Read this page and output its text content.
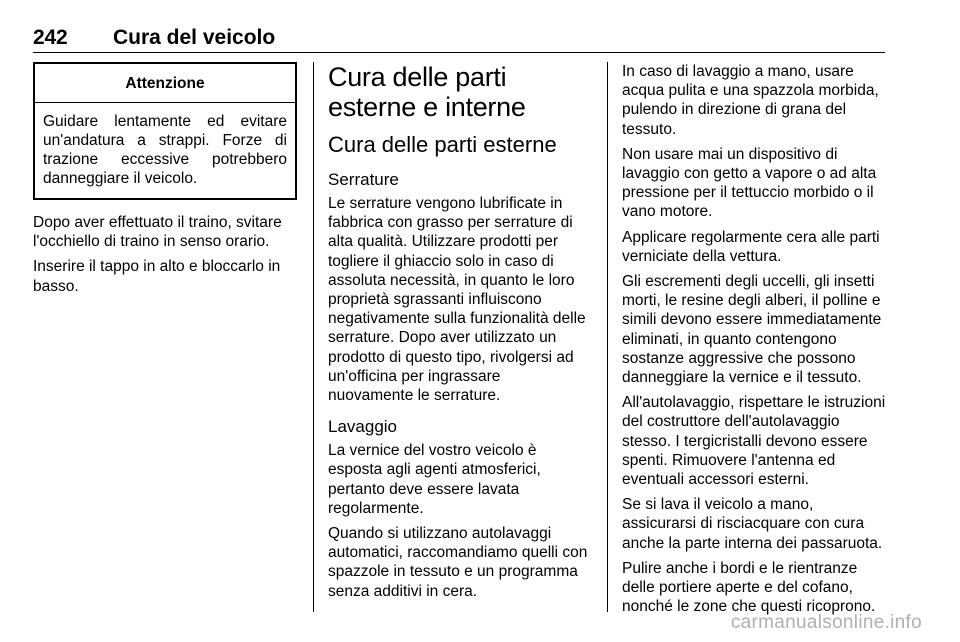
242 Cura del veicolo
Attenzione
Guidare lentamente ed evitare un'andatura a strappi. Forze di trazione eccessive potrebbero danneggiare il veicolo.

Dopo aver effettuato il traino, svitare l'occhiello di traino in senso orario.

Inserire il tappo in alto e bloccarlo in basso.

Cura delle parti esterne e interne
Cura delle parti esterne
Serrature

Le serrature vengono lubrificate in fabbrica con grasso per serrature di alta qualità. Utilizzare prodotti per togliere il ghiaccio solo in caso di assoluta necessità, in quanto le loro proprietà sgrassanti influiscono negativamente sulla funzionalità delle serrature. Dopo aver utilizzato un prodotto di questo tipo, rivolgersi ad un'officina per ingrassare nuovamente le serrature.

Lavaggio

La vernice del vostro veicolo è esposta agli agenti atmosferici, pertanto deve essere lavata regolarmente.

Quando si utilizzano autolavaggi automatici, raccomandiamo quelli con spazzole in tessuto e un programma senza additivi in cera.

In caso di lavaggio a mano, usare acqua pulita e una spazzola morbida, pulendo in direzione di grana del tessuto.

Non usare mai un dispositivo di lavaggio con getto a vapore o ad alta pressione per il tettuccio morbido o il vano motore.

Applicare regolarmente cera alle parti verniciate della vettura.

Gli escrementi degli uccelli, gli insetti morti, le resine degli alberi, il polline e simili devono essere immediatamente eliminati, in quanto contengono sostanze aggressive che possono danneggiare la vernice e il tessuto.

All'autolavaggio, rispettare le istruzioni del costruttore dell'autolavaggio stesso. I tergicristalli devono essere spenti. Rimuovere l'antenna ed eventuali accessori esterni.

Se si lava il veicolo a mano, assicurarsi di risciacquare con cura anche la parte interna dei passaruota.

Pulire anche i bordi e le rientranze delle portiere aperte e del cofano, nonché le zone che questi ricoprono.

carmanualsonline.info
